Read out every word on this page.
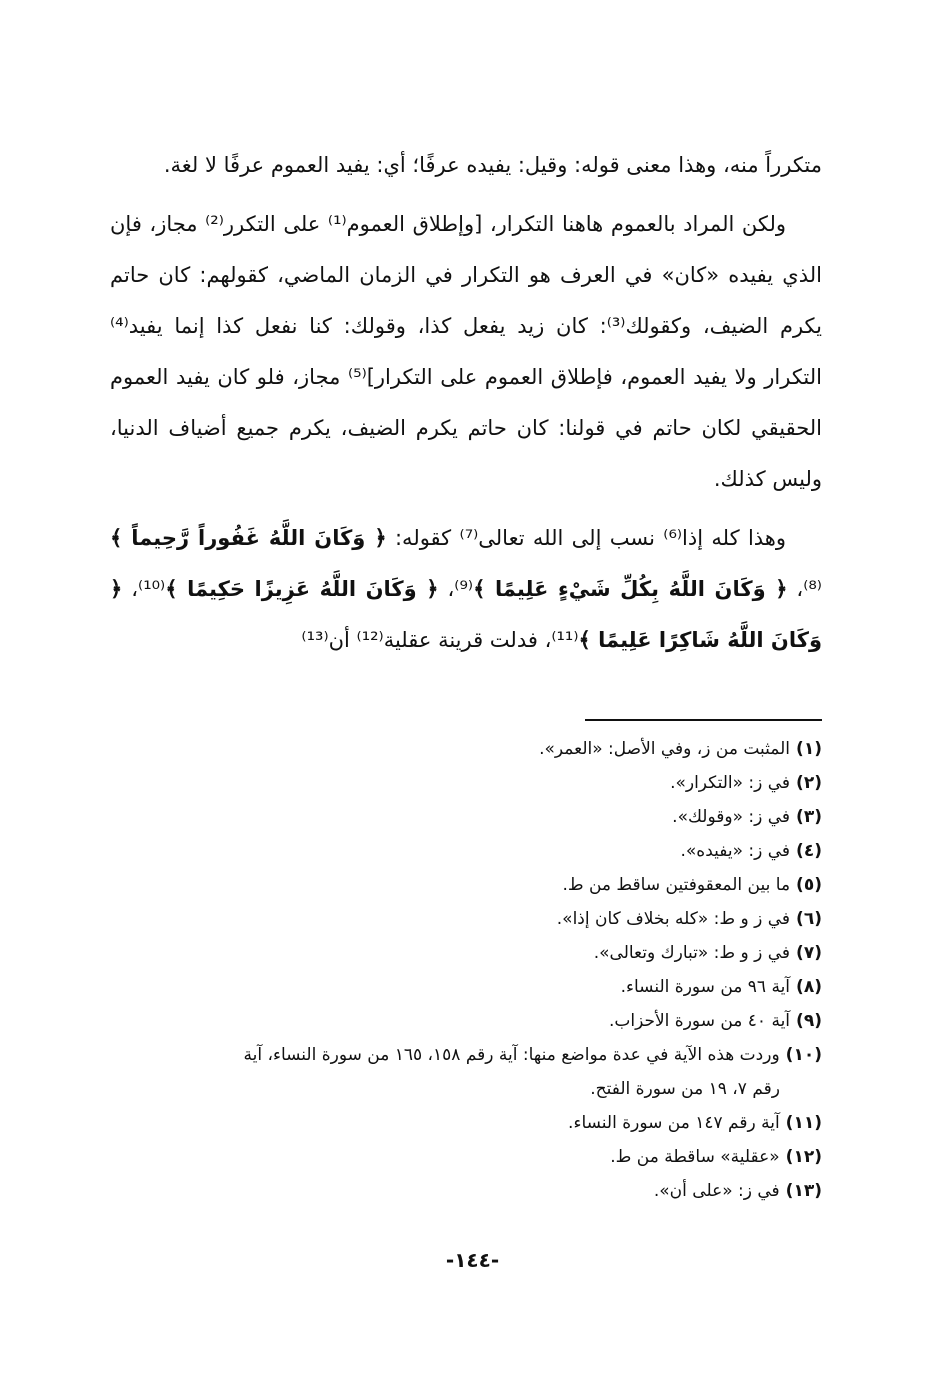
متكرراً منه، وهذا معنى قوله: وقيل: يفيده عرفًا؛ أي: يفيد العموم عرفًا لا لغة.

ولكن المراد بالعموم هاهنا التكرار، [وإطلاق العموم⁽¹⁾ على التكرر⁽²⁾ مجاز، فإن الذي يفيده «كان» في العرف هو التكرار في الزمان الماضي، كقولهم: كان حاتم يكرم الضيف، وكقولك⁽³⁾: كان زيد يفعل كذا، وقولك: كنا نفعل كذا إنما يفيد⁽⁴⁾ التكرار ولا يفيد العموم، فإطلاق العموم على التكرار]⁽⁵⁾ مجاز، فلو كان يفيد العموم الحقيقي لكان حاتم في قولنا: كان حاتم يكرم الضيف، يكرم جميع أضياف الدنيا، وليس كذلك.

وهذا كله إذا⁽⁶⁾ نسب إلى الله تعالى⁽⁷⁾ كقوله: ﴿ وَكَانَ اللَّهُ غَفُوراً رَّحِيماً ﴾⁽⁸⁾، ﴿ وَكَانَ اللَّهُ بِكُلِّ شَيْءٍ عَلِيمًا ﴾⁽⁹⁾، ﴿ وَكَانَ اللَّهُ عَزِيزًا حَكِيمًا ﴾⁽¹⁰⁾، ﴿ وَكَانَ اللَّهُ شَاكِرًا عَلِيمًا ﴾⁽¹¹⁾، فدلت قرينة عقلية⁽¹²⁾ أن⁽¹³⁾

(١)المثبت من ز، وفي الأصل: «العمر».

(٢)في ز: «التكرار».

(٣)في ز: «وقولك».

(٤)في ز: «يفيده».

(٥)ما بين المعقوفتين ساقط من ط.

(٦)في ز و ط: «كله بخلاف كان إذا».

(٧)في ز و ط: «تبارك وتعالى».

(٨)آية ٩٦ من سورة النساء.

(٩)آية ٤٠ من سورة الأحزاب.

(١٠)وردت هذه الآية في عدة مواضع منها: آية رقم ١٥٨، ١٦٥ من سورة النساء، آية

رقم ٧، ١٩ من سورة الفتح.

(١١)آية رقم ١٤٧ من سورة النساء.

(١٢)«عقلية» ساقطة من ط.

(١٣)في ز: «على أن».

-١٤٤-
